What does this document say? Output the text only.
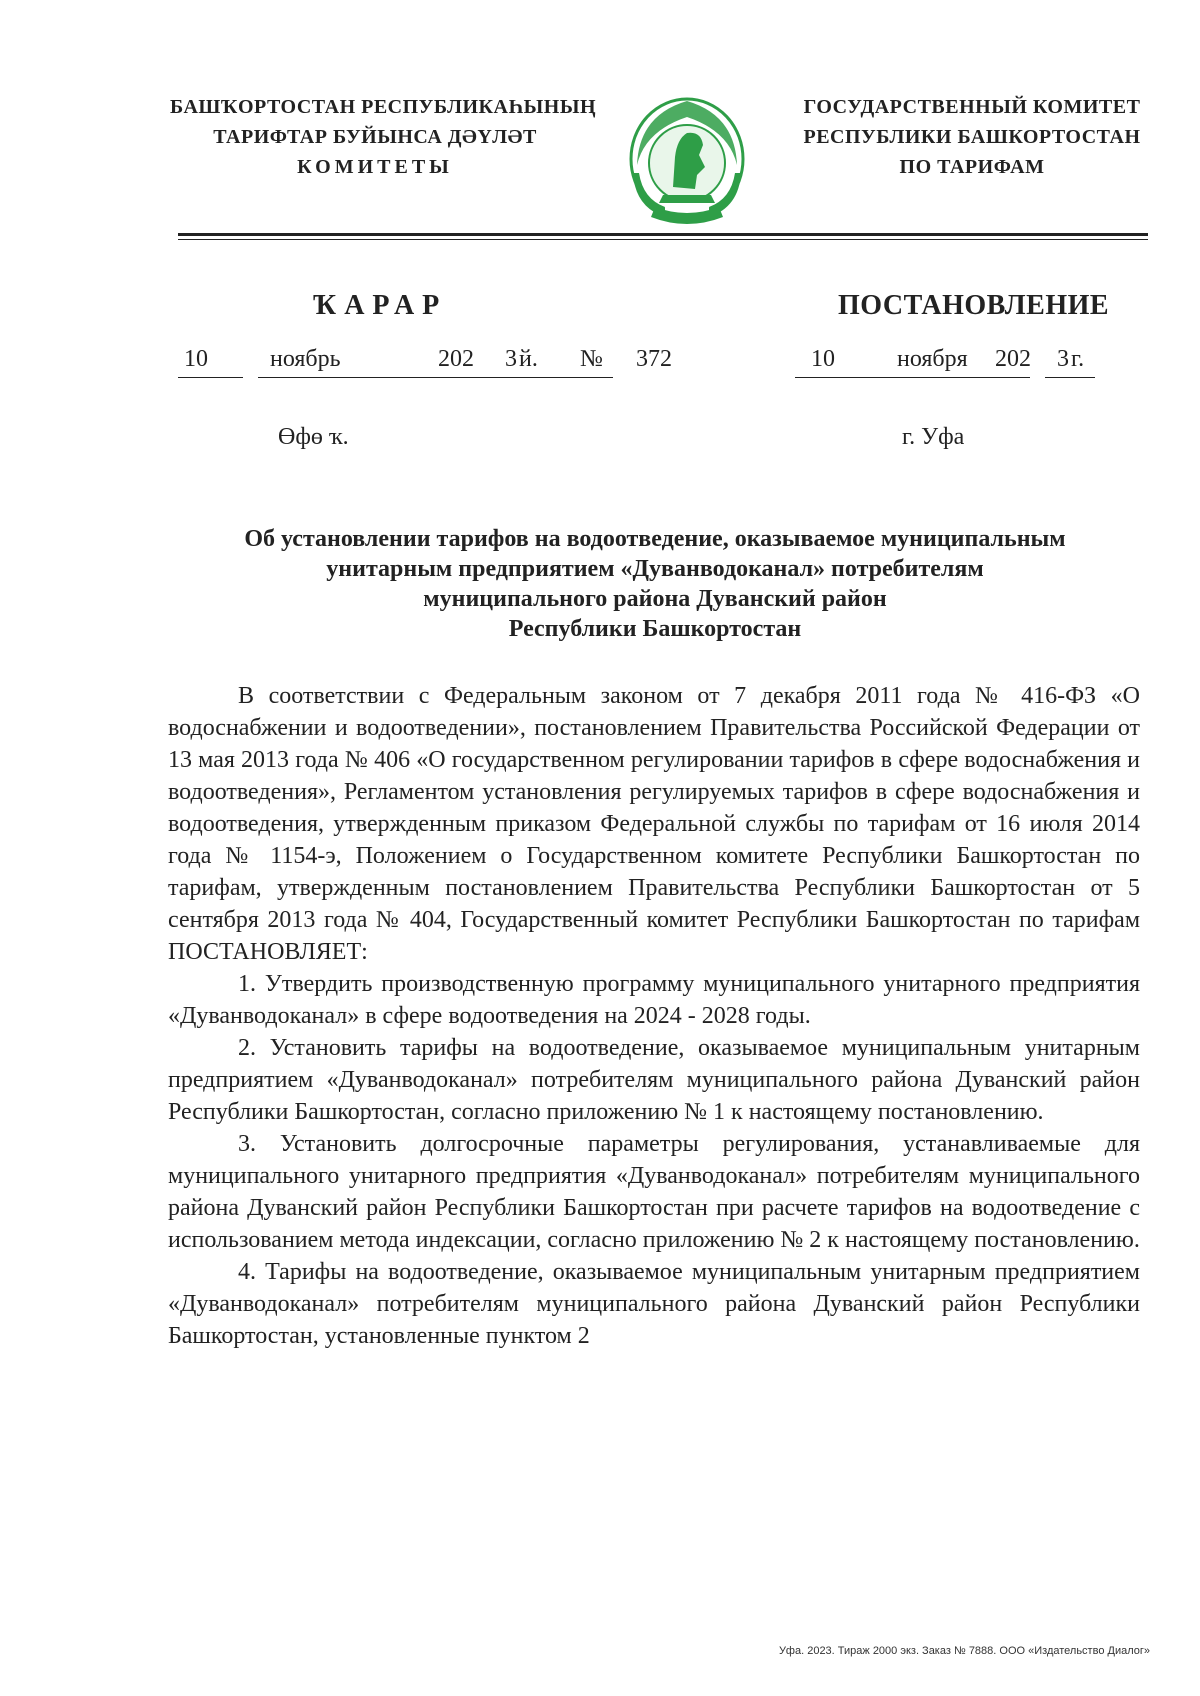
БАШҠОРТОСТАН РЕСПУБЛИКАҺЫНЫҢ
ТАРИФТАР БУЙЫНСА ДӘҮЛӘТ
КОМИТЕТЫ
ГОСУДАРСТВЕННЫЙ КОМИТЕТ
РЕСПУБЛИКИ БАШКОРТОСТАН
ПО ТАРИФАМ
ҠАРАР	ПОСТАНОВЛЕНИЕ
10	ноябрь	202 3 й. № 372	10	ноября 202 3 г.
Өфө ҡ.	г. Уфа
Об установлении тарифов на водоотведение, оказываемое муниципальным
унитарным предприятием «Дуванводоканал» потребителям
муниципального района Дуванский район
Республики Башкортостан

В соответствии с Федеральным законом от 7 декабря 2011 года № 416-ФЗ «О водоснабжении и водоотведении», постановлением Правительства Российской Федерации от 13 мая 2013 года № 406 «О государственном регулировании тарифов в сфере водоснабжения и водоотведения», Регламентом установления регулируемых тарифов в сфере водоснабжения и водоотведения, утвержденным приказом Федеральной службы по тарифам от 16 июля 2014 года № 1154-э, Положением о Государственном комитете Республики Башкортостан по тарифам, утвержденным постановлением Правительства Республики Башкортостан от 5 сентября 2013 года № 404, Государственный комитет Республики Башкортостан по тарифам ПОСТАНОВЛЯЕТ:

1. Утвердить производственную программу муниципального унитарного предприятия «Дуванводоканал» в сфере водоотведения на 2024 - 2028 годы.

2. Установить тарифы на водоотведение, оказываемое муниципальным унитарным предприятием «Дуванводоканал» потребителям муниципального района Дуванский район Республики Башкортостан, согласно приложению № 1 к настоящему постановлению.

3. Установить долгосрочные параметры регулирования, устанавливаемые для муниципального унитарного предприятия «Дуванводоканал» потребителям муниципального района Дуванский район Республики Башкортостан при расчете тарифов на водоотведение с использованием метода индексации, согласно приложению № 2 к настоящему постановлению.

4. Тарифы на водоотведение, оказываемое муниципальным унитарным предприятием «Дуванводоканал» потребителям муниципального района Дуванский район Республики Башкортостан, установленные пунктом 2

Уфа. 2023. Тираж 2000 экз. Заказ № 7888. ООО «Издательство Диалог»
